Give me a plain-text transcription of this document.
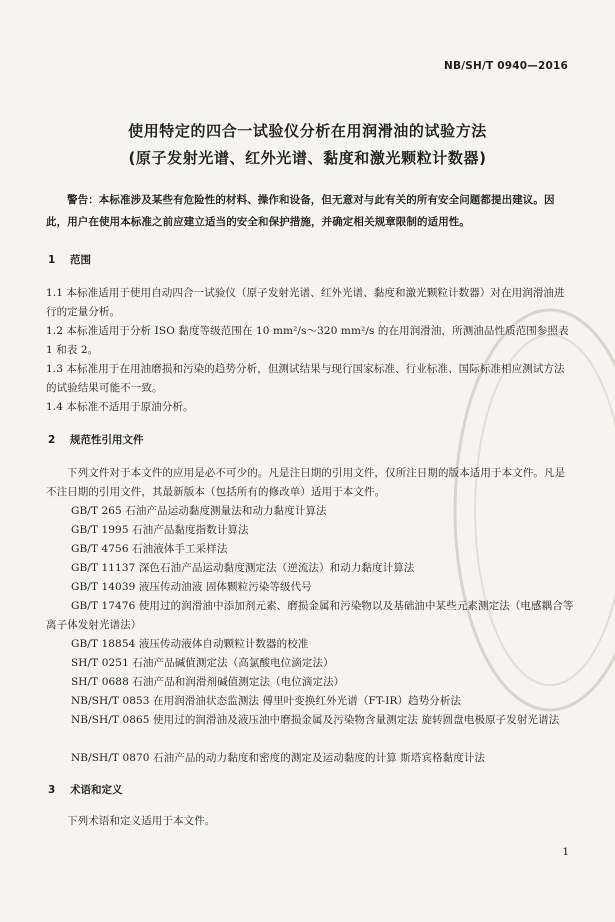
NB/SH/T 0940—2016
使用特定的四合一试验仪分析在用润滑油的试验方法
(原子发射光谱、红外光谱、黏度和激光颗粒计数器)
警告：本标准涉及某些有危险性的材料、操作和设备，但无意对与此有关的所有安全问题都提出建议。因此，用户在使用本标准之前应建立适当的安全和保护措施，并确定相关规章限制的适用性。
1 范围
1.1 本标准适用于使用自动四合一试验仪（原子发射光谱、红外光谱、黏度和激光颗粒计数器）对在用润滑油进行的定量分析。
1.2 本标准适用于分析 ISO 黏度等级范围在 10 mm²/s～320 mm²/s 的在用润滑油，所测油品性质范围参照表 1 和表 2。
1.3 本标准用于在用油磨损和污染的趋势分析，但测试结果与现行国家标准、行业标准、国际标准相应测试方法的试验结果可能不一致。
1.4 本标准不适用于原油分析。
2 规范性引用文件
下列文件对于本文件的应用是必不可少的。凡是注日期的引用文件，仅所注日期的版本适用于本文件。凡是不注日期的引用文件，其最新版本（包括所有的修改单）适用于本文件。
GB/T 265 石油产品运动黏度测量法和动力黏度计算法
GB/T 1995 石油产品黏度指数计算法
GB/T 4756 石油液体手工采样法
GB/T 11137 深色石油产品运动黏度测定法（逆流法）和动力黏度计算法
GB/T 14039 液压传动油液 固体颗粒污染等级代号
GB/T 17476 使用过的润滑油中添加剂元素、磨损金属和污染物以及基础油中某些元素测定法（电感耦合等离子体发射光谱法）
GB/T 18854 液压传动液体自动颗粒计数器的校准
SH/T 0251 石油产品碱值测定法（高氯酸电位滴定法）
SH/T 0688 石油产品和润滑剂碱值测定法（电位滴定法）
NB/SH/T 0853 在用润滑油状态监测法 傅里叶变换红外光谱（FT-IR）趋势分析法
NB/SH/T 0865 使用过的润滑油及液压油中磨损金属及污染物含量测定法 旋转圆盘电极原子发射光谱法
NB/SH/T 0870 石油产品的动力黏度和密度的测定及运动黏度的计算 斯塔宾格黏度计法
3 术语和定义
下列术语和定义适用于本文件。
1
